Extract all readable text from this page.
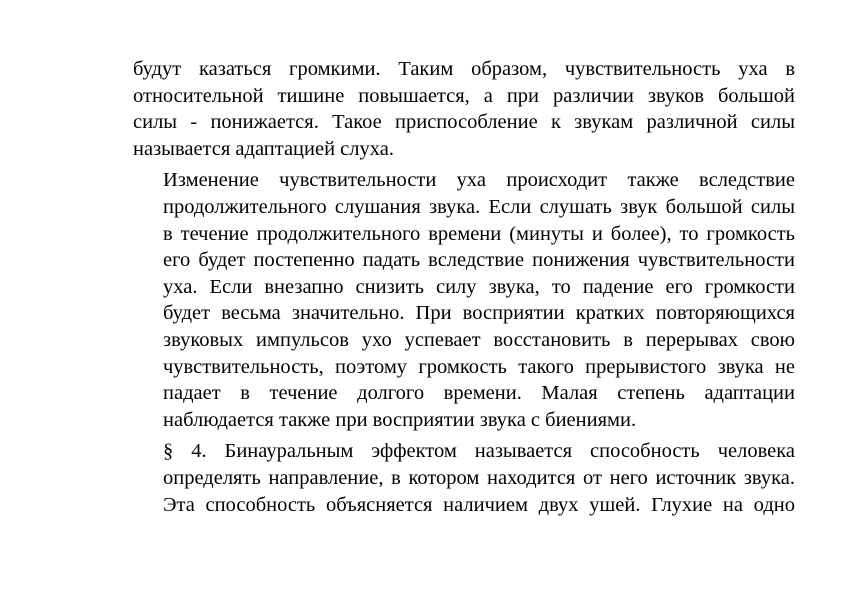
будут казаться громкими. Таким образом, чувствительность уха в
относительной тишине повышается, а при различии звуков большой
силы - понижается. Такое приспособление к звукам различной силы
называется адаптацией слуха.

Изменение чувствительности уха происходит также вследствие
продолжительного слушания звука. Если слушать звук большой силы
в течение продолжительного времени (минуты и более), то громкость
его будет постепенно падать вследствие понижения чувствительности
уха. Если внезапно снизить силу звука, то падение его громкости
будет весьма значительно. При восприятии кратких повторяющихся
звуковых импульсов ухо успевает восстановить в перерывах свою
чувствительность, поэтому громкость такого прерывистого звука не
падает в течение долгого времени. Малая степень адаптации
наблюдается также при восприятии звука с биениями.

§ 4. Бинауральным эффектом называется способность человека
определять направление, в котором находится от него источник звука.
Эта способность объясняется наличием двух ушей. Глухие на одно
